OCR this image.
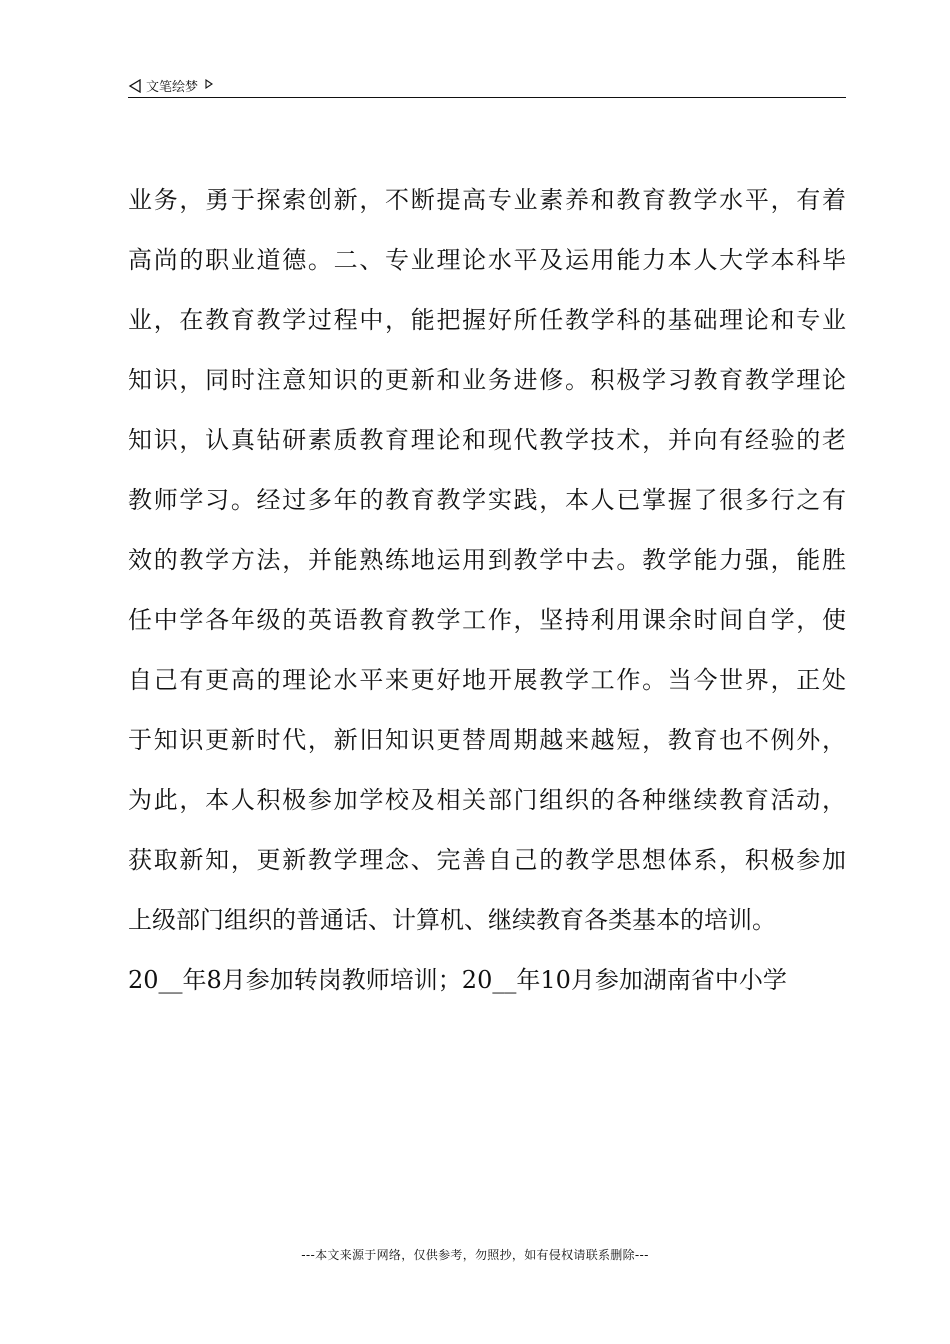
文笔绘梦
业务，勇于探索创新，不断提高专业素养和教育教学水平，有着
高尚的职业道德。二、专业理论水平及运用能力本人大学本科毕
业，在教育教学过程中，能把握好所任教学科的基础理论和专业
知识，同时注意知识的更新和业务进修。积极学习教育教学理论
知识，认真钻研素质教育理论和现代教学技术，并向有经验的老
教师学习。经过多年的教育教学实践，本人已掌握了很多行之有
效的教学方法，并能熟练地运用到教学中去。教学能力强，能胜
任中学各年级的英语教育教学工作，坚持利用课余时间自学，使
自己有更高的理论水平来更好地开展教学工作。当今世界，正处
于知识更新时代，新旧知识更替周期越来越短，教育也不例外，
为此，本人积极参加学校及相关部门组织的各种继续教育活动，
获取新知，更新教学理念、完善自己的教学思想体系，积极参加
上级部门组织的普通话、计算机、继续教育各类基本的培训。
20__年8月参加转岗教师培训；20__年10月参加湖南省中小学
---本文来源于网络，仅供参考，勿照抄，如有侵权请联系删除---
